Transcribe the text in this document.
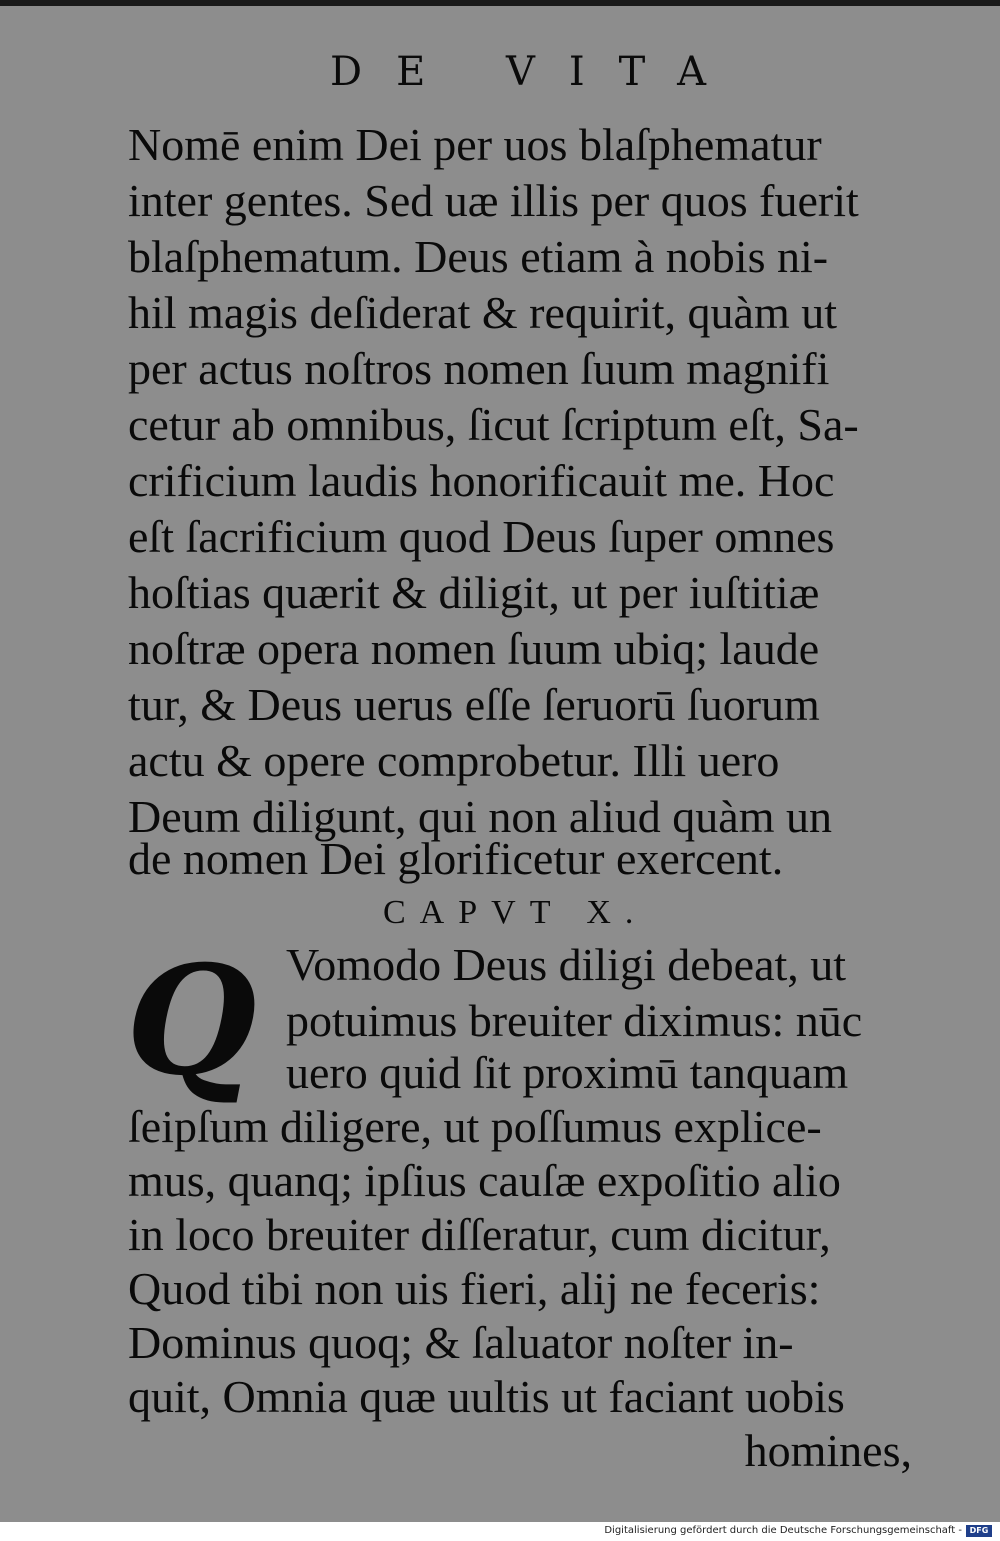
DE VITA
Nomē enim Dei per uos blaſphematur
inter gentes. Sed uæ illis per quos fuerit
blaſphematum. Deus etiam à nobis ni-
hil magis deſiderat & requirit, quàm ut
per actus noſtros nomen ſuum magnifi
cetur ab omnibus, ſicut ſcriptum eſt, Sa-
crificium laudis honorificauit me. Hoc
eſt ſacrificium quod Deus ſuper omnes
hoſtias quærit & diligit, ut per iuſtitiæ
noſtræ opera nomen ſuum ubiq; laude
tur, & Deus uerus eſſe ſeruorū ſuorum
actu & opere comprobetur. Illi uero
Deum diligunt, qui non aliud quàm un
de nomen Dei glorificetur exercent.
CAPVT X.
Q Vomodo Deus diligi debeat, ut
potuimus breuiter diximus: nūc
uero quid ſit proximū tanquam
ſeipſum diligere, ut poſſumus explice-
mus, quanq; ipſius cauſæ expoſitio alio
in loco breuiter diſſeratur, cum dicitur,
Quod tibi non uis fieri, alij ne feceris:
Dominus quoq; & ſaluator noſter in-
quit, Omnia quæ uultis ut faciant uobis
homines,
Digitalisierung gefördert durch die Deutsche Forschungsgemeinschaft - DFG
